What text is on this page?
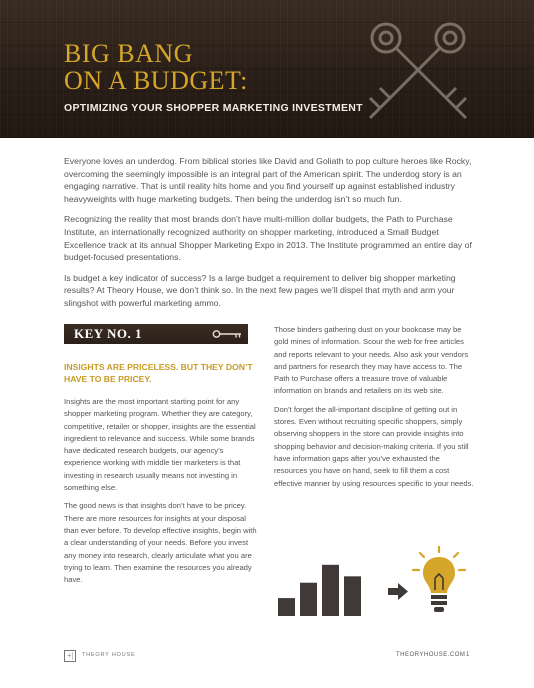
BIG BANG
ON A BUDGET:
OPTIMIZING YOUR SHOPPER MARKETING INVESTMENT

Everyone loves an underdog. From biblical stories like David and Goliath to pop culture heroes like Rocky, overcoming the seemingly impossible is an integral part of the American spirit. The underdog story is an engaging narrative. That is until reality hits home and you find yourself up against established industry heavyweights with huge marketing budgets. Then being the underdog isn’t so much fun.

Recognizing the reality that most brands don’t have multi-million dollar budgets, the Path to Purchase Institute, an internationally recognized authority on shopper marketing, introduced a Small Budget Excellence track at its annual Shopper Marketing Expo in 2013. The Institute programmed an entire day of budget-focused presentations.

Is budget a key indicator of success? Is a large budget a requirement to deliver big shopper marketing results? At Theory House, we don’t think so. In the next few pages we’ll dispel that myth and arm your slingshot with powerful marketing ammo.

KEY NO. 1
INSIGHTS ARE PRICELESS. BUT THEY DON’T HAVE TO BE PRICEY.

Insights are the most important starting point for any shopper marketing program. Whether they are category, competitive, retailer or shopper, insights are the essential ingredient to relevance and success. While some brands have dedicated research budgets, our agency’s experience working with middle tier marketers is that investing in research usually means not investing in something else.

The good news is that insights don’t have to be pricey. There are more resources for insights at your disposal than ever before. To develop effective insights, begin with a clear understanding of your needs. Before you invest any money into research, clearly articulate what you are trying to learn. Then examine the resources you already have.

Those binders gathering dust on your bookcase may be gold mines of information. Scour the web for free articles and reports relevant to your needs. Also ask your vendors and partners for research they may have access to. The Path to Purchase offers a treasure trove of valuable information on brands and retailers on its web site.

Don’t forget the all-important discipline of getting out in stores. Even without recruiting specific shoppers, simply observing shoppers in the store can provide insights into shopping behavior and decision-making criteria. If you still have information gaps after you’ve exhausted the resources you have on hand, seek to fill them a cost effective manner by using resources specific to your needs.

+| THEORY HOUSE	THEORYHOUSE.COM 1
